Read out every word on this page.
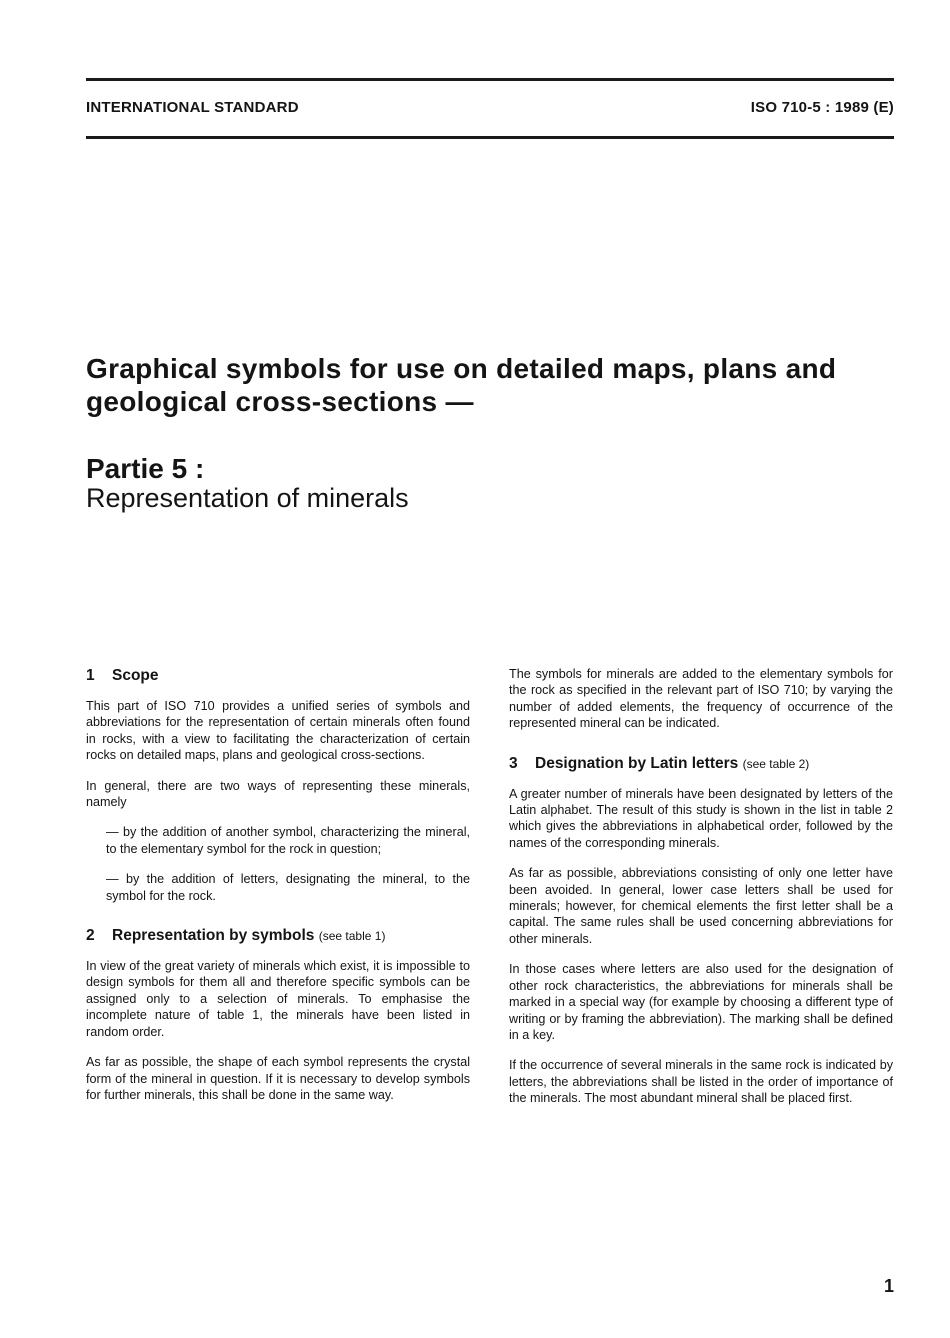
INTERNATIONAL STANDARD	ISO 710-5 : 1989 (E)
Graphical symbols for use on detailed maps, plans and
geological cross-sections —
Partie 5 :
Representation of minerals
1 Scope

This part of ISO 710 provides a unified series of symbols and abbreviations for the representation of certain minerals often found in rocks, with a view to facilitating the characterization of certain rocks on detailed maps, plans and geological cross-sections.

In general, there are two ways of representing these minerals, namely

— by the addition of another symbol, characterizing the mineral, to the elementary symbol for the rock in question;

— by the addition of letters, designating the mineral, to the symbol for the rock.

2 Representation by symbols (see table 1)

In view of the great variety of minerals which exist, it is impossible to design symbols for them all and therefore specific symbols can be assigned only to a selection of minerals. To emphasise the incomplete nature of table 1, the minerals have been listed in random order.

As far as possible, the shape of each symbol represents the crystal form of the mineral in question. If it is necessary to develop symbols for further minerals, this shall be done in the same way.

The symbols for minerals are added to the elementary symbols for the rock as specified in the relevant part of ISO 710; by varying the number of added elements, the frequency of occurrence of the represented mineral can be indicated.

3 Designation by Latin letters (see table 2)

A greater number of minerals have been designated by letters of the Latin alphabet. The result of this study is shown in the list in table 2 which gives the abbreviations in alphabetical order, followed by the names of the corresponding minerals.

As far as possible, abbreviations consisting of only one letter have been avoided. In general, lower case letters shall be used for minerals; however, for chemical elements the first letter shall be a capital. The same rules shall be used concerning abbreviations for other minerals.

In those cases where letters are also used for the designation of other rock characteristics, the abbreviations for minerals shall be marked in a special way (for example by choosing a different type of writing or by framing the abbreviation). The marking shall be defined in a key.

If the occurrence of several minerals in the same rock is indicated by letters, the abbreviations shall be listed in the order of importance of the minerals. The most abundant mineral shall be placed first.

1
